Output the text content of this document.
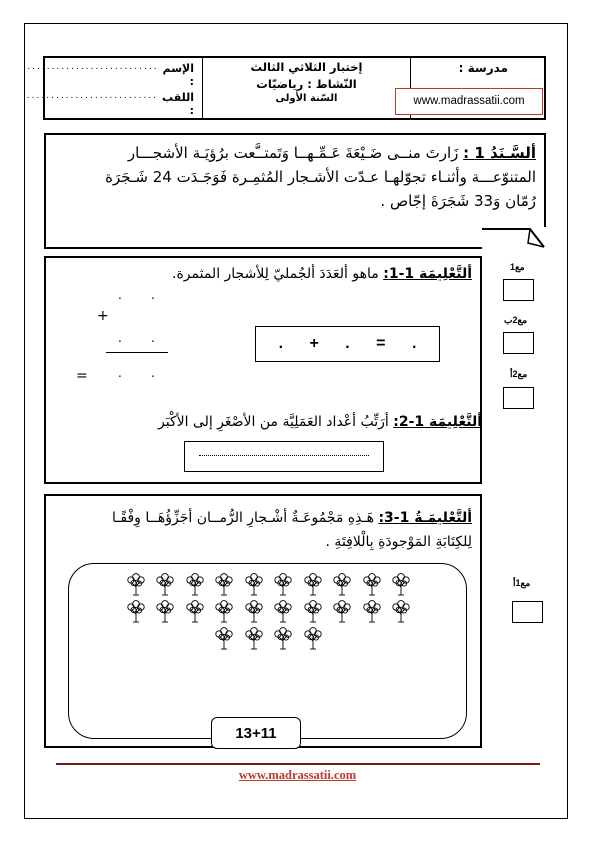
مدرسة :
إختبار الثلاثي الثالث
النّشاط : رياضيّات
السّنة الأولى
الإسم :
...........................
اللقب :
...........................	www.madrassatii.com
ألسَّـنَدُ 1 : زَارتَ منــى ضَـيْعَةَ عَـمِّـهــا وَتَمتــَّعت برُؤيَـة الأشجـــار
المتنوّعـــة وأثنـاء تجوّلهـا عـدّت الأشـجار المُثمِـرة فَوَجَـدَت 24 شَـجَرَة
رُمّان وَ33 شَجَرَةَ إجّاص .
ألتَّعْلِيمَة 1-1: ماهو ألعَدَدَ ألجُمليّ لِلأشجار المثمرة.
. .
+
. .
=	. .
. + . = .
ألتَّعْلِيمَة 1-2: أرَتِّبُ أعْداد العَمَلِيَّة من الأصْغَرِ إلى الأكْبَر
ألتَّعْليمَـةُ 1-3: هَـذِهِ مَجْمُوعَـةٌ أشْـجارِ الرُّمــان أجَزِّؤُهَــا وِفْقًـا
لِلكِتَابَةِ المَوْجودَةِ بِالْلافِتَةِ .
13+11
مع1
مع2ب
مع2أ
مع1أ
www.madrassatii.com
